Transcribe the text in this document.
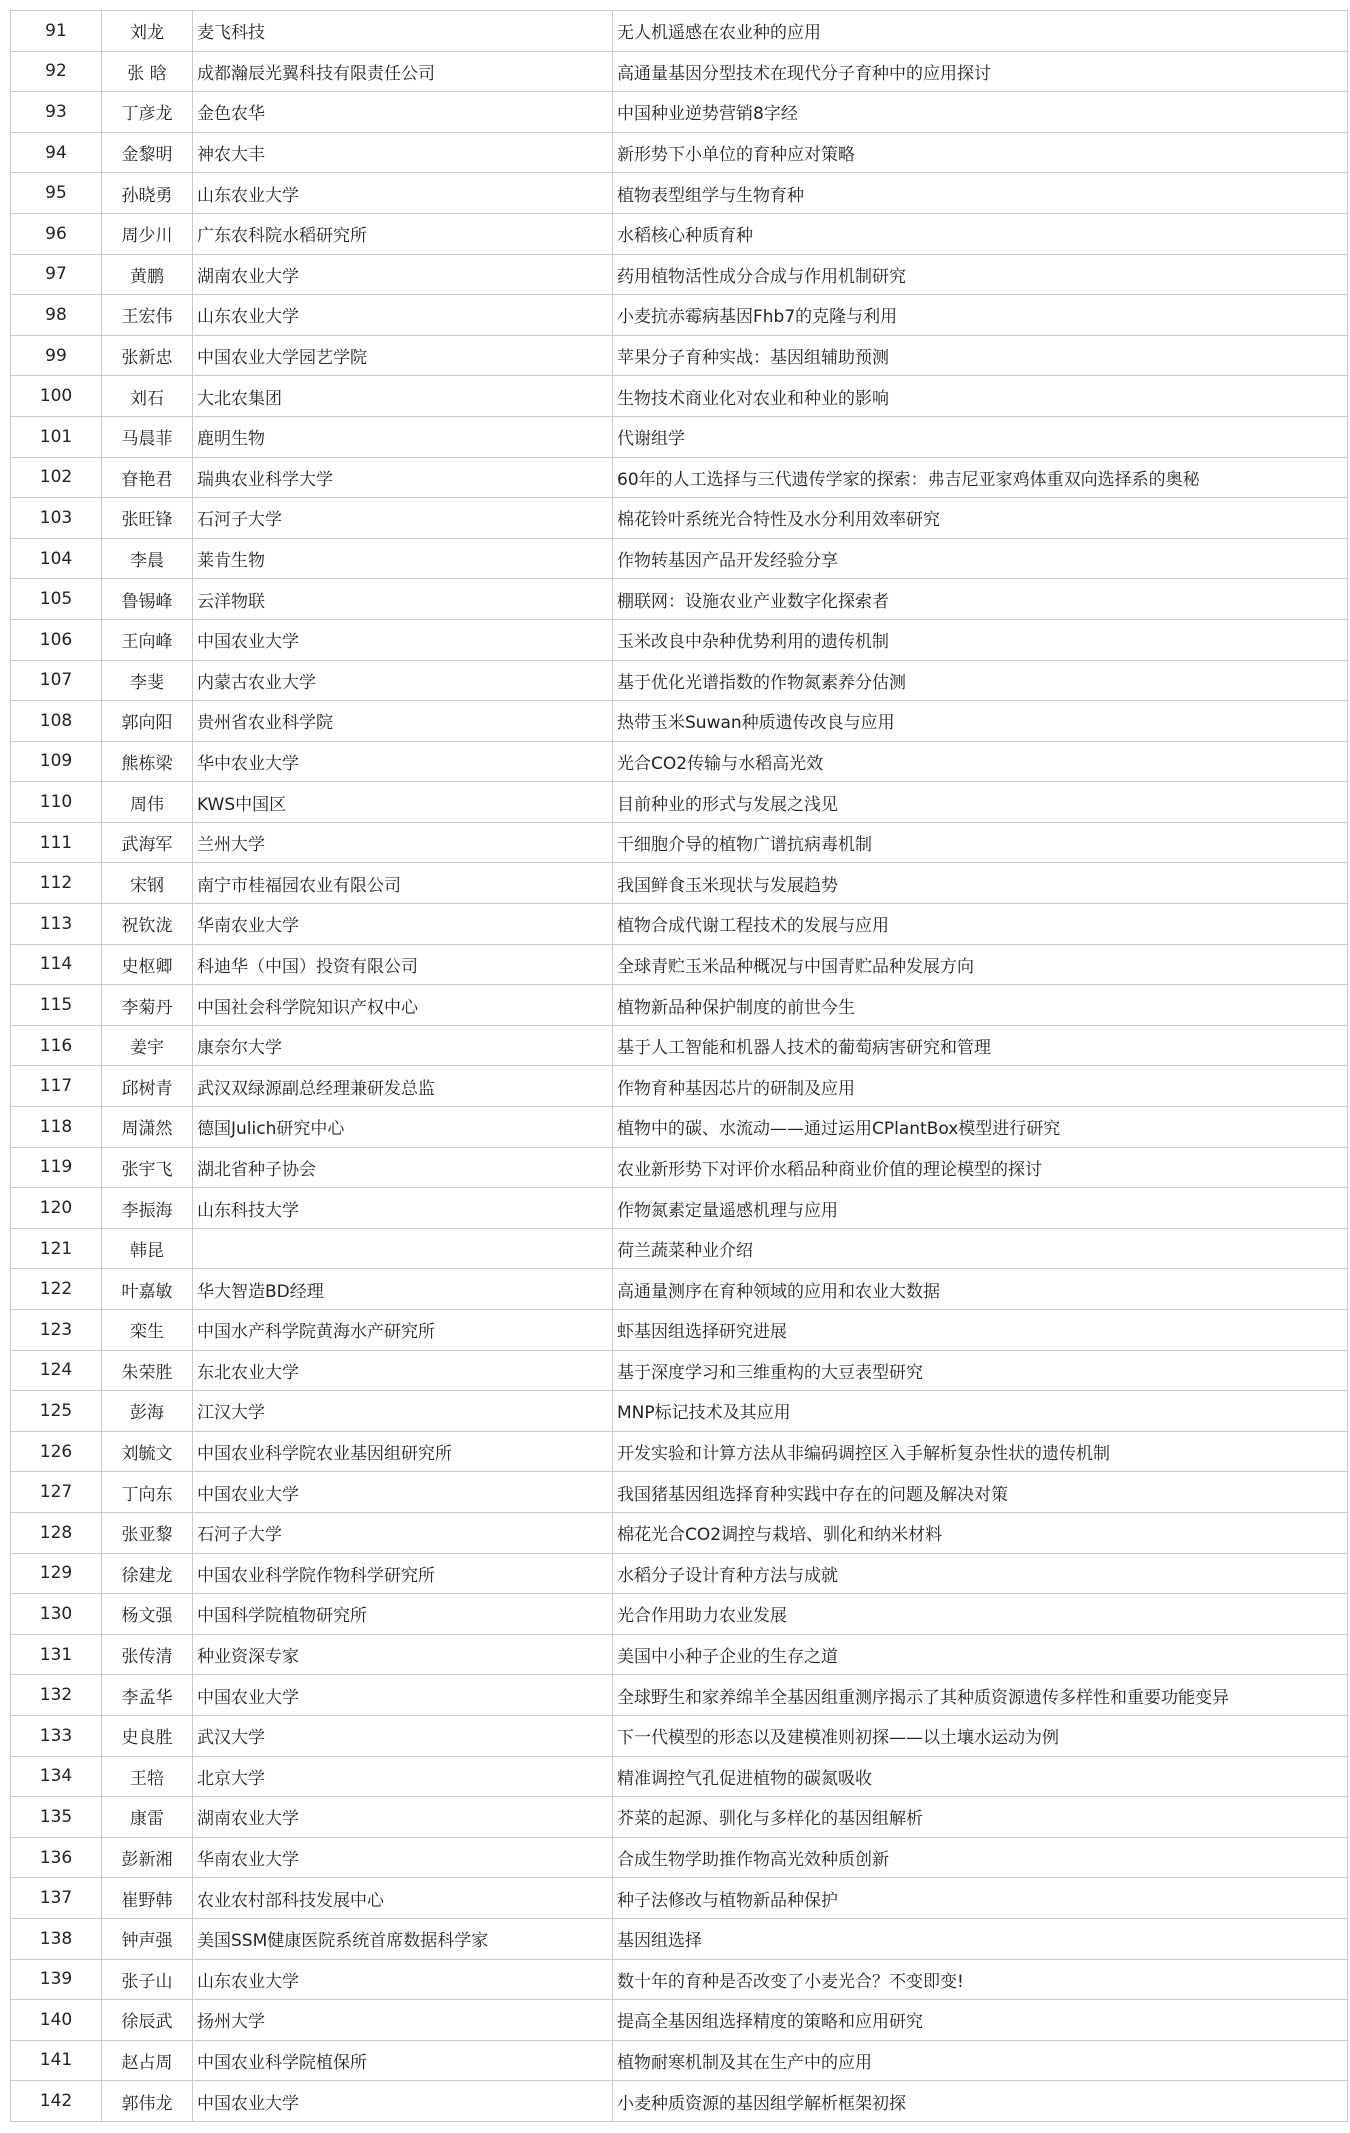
91	刘龙	麦飞科技	无人机遥感在农业种的应用
92	张 晗	成都瀚辰光翼科技有限责任公司	高通量基因分型技术在现代分子育种中的应用探讨
93	丁彦龙	金色农华	中国种业逆势营销8字经
94	金黎明	神农大丰	新形势下小单位的育种应对策略
95	孙晓勇	山东农业大学	植物表型组学与生物育种
96	周少川	广东农科院水稻研究所	水稻核心种质育种
97	黄鹏	湖南农业大学	药用植物活性成分合成与作用机制研究
98	王宏伟	山东农业大学	小麦抗赤霉病基因Fhb7的克隆与利用
99	张新忠	中国农业大学园艺学院	苹果分子育种实战：基因组辅助预测
100	刘石	大北农集团	生物技术商业化对农业和种业的影响
101	马晨菲	鹿明生物	代谢组学
102	眘艳君	瑞典农业科学大学	60年的人工选择与三代遗传学家的探索：弗吉尼亚家鸡体重双向选择系的奥秘
103	张旺锋	石河子大学	棉花铃叶系统光合特性及水分利用效率研究
104	李晨	莱肯生物	作物转基因产品开发经验分享
105	鲁锡峰	云洋物联	棚联网：设施农业产业数字化探索者
106	王向峰	中国农业大学	玉米改良中杂种优势利用的遗传机制
107	李斐	内蒙古农业大学	基于优化光谱指数的作物氮素养分估测
108	郭向阳	贵州省农业科学院	热带玉米Suwan种质遗传改良与应用
109	熊栋梁	华中农业大学	光合CO2传输与水稻高光效
110	周伟	KWS中国区	目前种业的形式与发展之浅见
111	武海军	兰州大学	干细胞介导的植物广谱抗病毒机制
112	宋钢	南宁市桂福园农业有限公司	我国鲜食玉米现状与发展趋势
113	祝钦泷	华南农业大学	植物合成代谢工程技术的发展与应用
114	史枢卿	科迪华（中国）投资有限公司	全球青贮玉米品种概况与中国青贮品种发展方向
115	李菊丹	中国社会科学院知识产权中心	植物新品种保护制度的前世今生
116	姜宇	康奈尔大学	基于人工智能和机器人技术的葡萄病害研究和管理
117	邱树青	武汉双绿源副总经理兼研发总监	作物育种基因芯片的研制及应用
118	周潇然	德国Julich研究中心	植物中的碳、水流动——通过运用CPlantBox模型进行研究
119	张宇飞	湖北省种子协会	农业新形势下对评价水稻品种商业价值的理论模型的探讨
120	李振海	山东科技大学	作物氮素定量遥感机理与应用
121	韩昆		荷兰蔬菜种业介绍
122	叶嘉敏	华大智造BD经理	高通量测序在育种领域的应用和农业大数据
123	栾生	中国水产科学院黄海水产研究所	虾基因组选择研究进展
124	朱荣胜	东北农业大学	基于深度学习和三维重构的大豆表型研究
125	彭海	江汉大学	MNP标记技术及其应用
126	刘毓文	中国农业科学院农业基因组研究所	开发实验和计算方法从非编码调控区入手解析复杂性状的遗传机制
127	丁向东	中国农业大学	我国猪基因组选择育种实践中存在的问题及解决对策
128	张亚黎	石河子大学	棉花光合CO2调控与栽培、驯化和纳米材料
129	徐建龙	中国农业科学院作物科学研究所	水稻分子设计育种方法与成就
130	杨文强	中国科学院植物研究所	光合作用助力农业发展
131	张传清	种业资深专家	美国中小种子企业的生存之道
132	李孟华	中国农业大学	全球野生和家养绵羊全基因组重测序揭示了其种质资源遗传多样性和重要功能变异
133	史良胜	武汉大学	下一代模型的形态以及建模准则初探——以土壤水运动为例
134	王犃	北京大学	精准调控气孔促进植物的碳氮吸收
135	康雷	湖南农业大学	芥菜的起源、驯化与多样化的基因组解析
136	彭新湘	华南农业大学	合成生物学助推作物高光效种质创新
137	崔野韩	农业农村部科技发展中心	种子法修改与植物新品种保护
138	钟声强	美国SSM健康医院系统首席数据科学家	基因组选择
139	张子山	山东农业大学	数十年的育种是否改变了小麦光合？不变即变!
140	徐辰武	扬州大学	提高全基因组选择精度的策略和应用研究
141	赵占周	中国农业科学院植保所	植物耐寒机制及其在生产中的应用
142	郭伟龙	中国农业大学	小麦种质资源的基因组学解析框架初探
